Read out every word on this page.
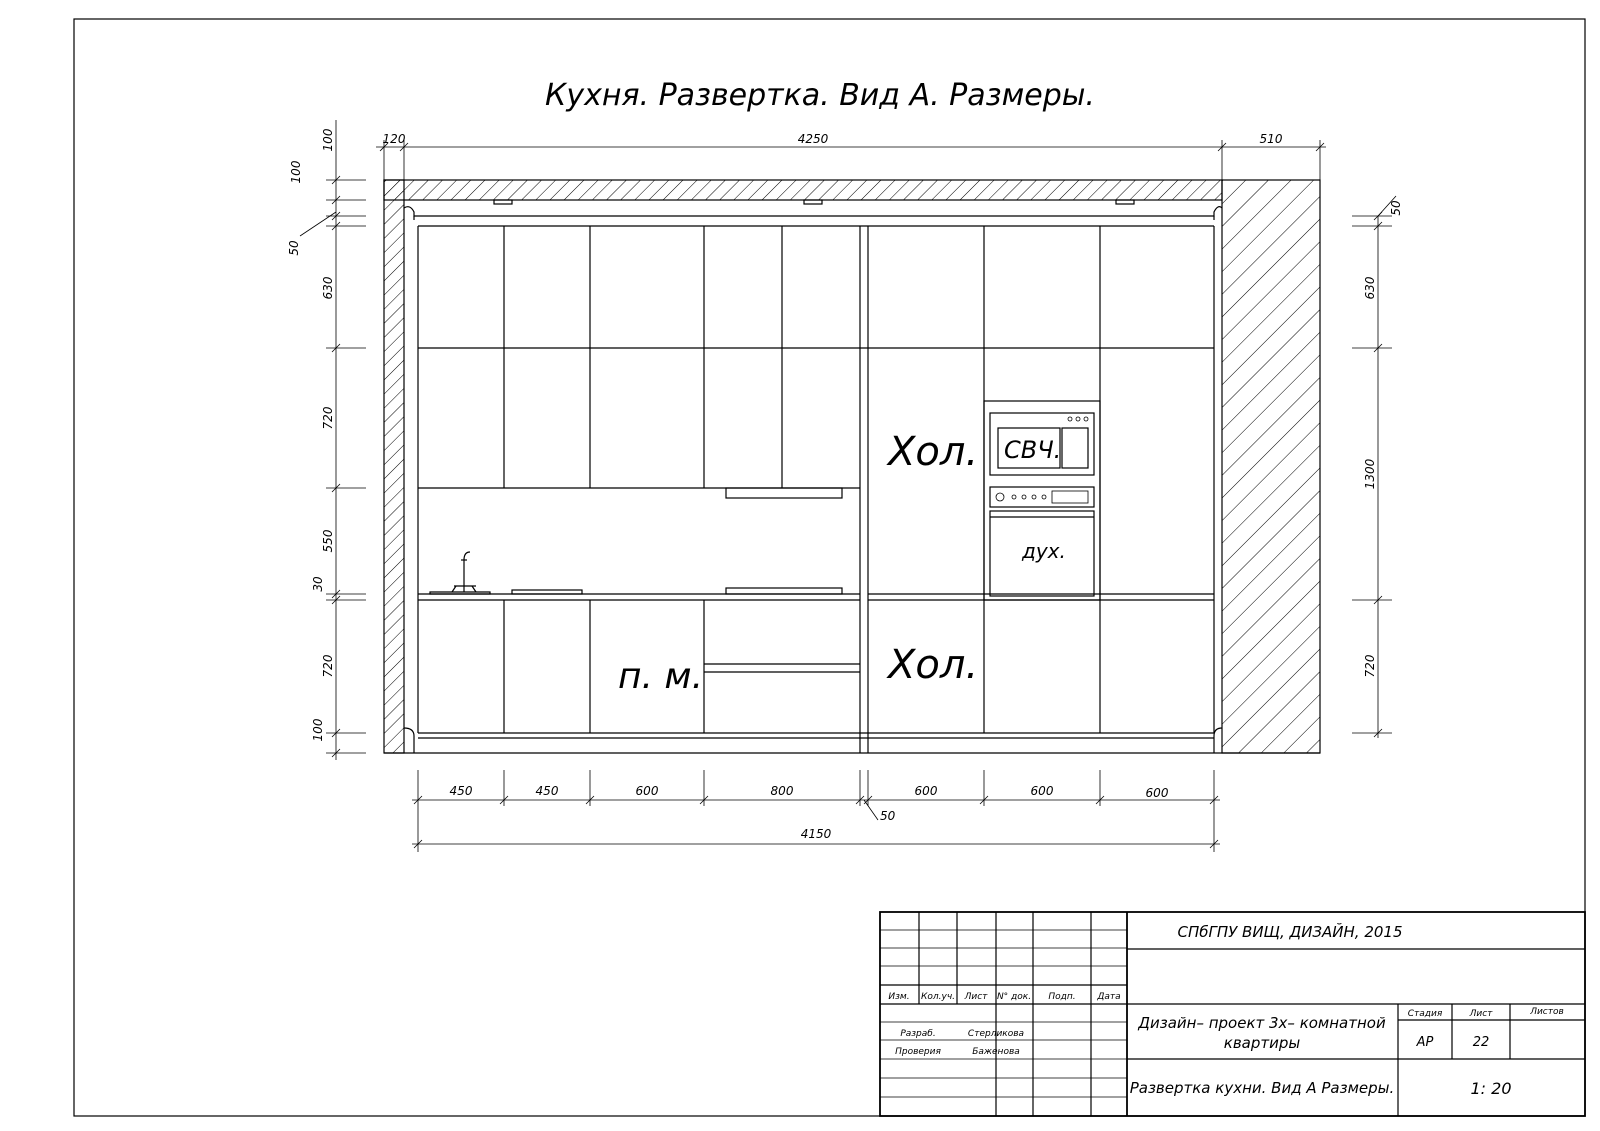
Кухня. Развертка. Вид А. Размеры.
Хол.
Хол.
СВЧ.
дух.
п. м.
120	4250	510
100
100
50
630
720
550
30
720
100
50
630
1300
720
450	450	600	800	600	600	600
50
4150
СПбГПУ ВИЩ, ДИЗАЙН, 2015
Дизайн– проект 3х– комнатной
квартиры
Развертка кухни. Вид А Размеры.
Изм. Кол.уч. Лист N° док. Подп. Дата
Разраб.	Стерликова
Проверия	Баженова
Стадия	Лист	Листов
АР	22
1: 20
